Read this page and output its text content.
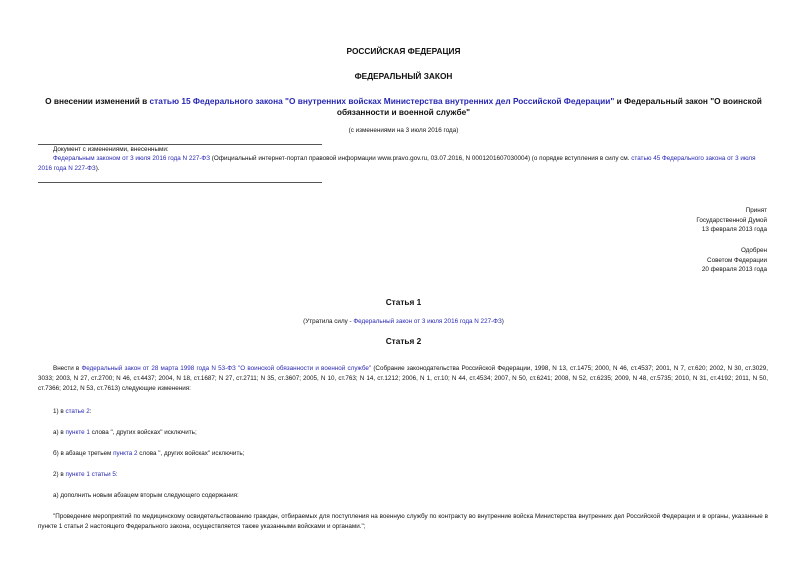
РОССИЙСКАЯ ФЕДЕРАЦИЯ
ФЕДЕРАЛЬНЫЙ ЗАКОН
О внесении изменений в статью 15 Федерального закона "О внутренних войсках Министерства внутренних дел Российской Федерации" и Федеральный закон "О воинской обязанности и военной службе"
(с изменениями на 3 июля 2016 года)
Документ с изменениями, внесенными:
Федеральным законом от 3 июля 2016 года N 227-ФЗ (Официальный интернет-портал правовой информации www.pravo.gov.ru, 03.07.2016, N 0001201607030004) (о порядке вступления в силу см. статью 45 Федерального закона от 3 июля 2016 года N 227-ФЗ).
Принят
Государственной Думой
13 февраля 2013 года
Одобрен
Советом Федерации
20 февраля 2013 года
Статья 1
(Утратила силу - Федеральный закон от 3 июля 2016 года N 227-ФЗ)
Статья 2
Внести в Федеральный закон от 28 марта 1998 года N 53-ФЗ "О воинской обязанности и военной службе" (Собрание законодательства Российской Федерации, 1998, N 13, ст.1475; 2000, N 46, ст.4537; 2001, N 7, ст.620; 2002, N 30, ст.3029, 3033; 2003, N 27, ст.2700; N 46, ст.4437; 2004, N 18, ст.1687; N 27, ст.2711; N 35, ст.3607; 2005, N 10, ст.763; N 14, ст.1212; 2006, N 1, ст.10; N 44, ст.4534; 2007, N 50, ст.6241; 2008, N 52, ст.6235; 2009, N 48, ст.5735; 2010, N 31, ст.4192; 2011, N 50, ст.7366; 2012, N 53, ст.7613) следующие изменения:
1) в статье 2:
а) в пункте 1 слова ", других войсках" исключить;
б) в абзаце третьем пункта 2 слова ", других войсках" исключить;
2) в пункте 1 статьи 5:
а) дополнить новым абзацем вторым следующего содержания:
"Проведение мероприятий по медицинскому освидетельствованию граждан, отбираемых для поступления на военную службу по контракту во внутренние войска Министерства внутренних дел Российской Федерации и в органы, указанные в пункте 1 статьи 2 настоящего Федерального закона, осуществляется также указанными войсками и органами.";
